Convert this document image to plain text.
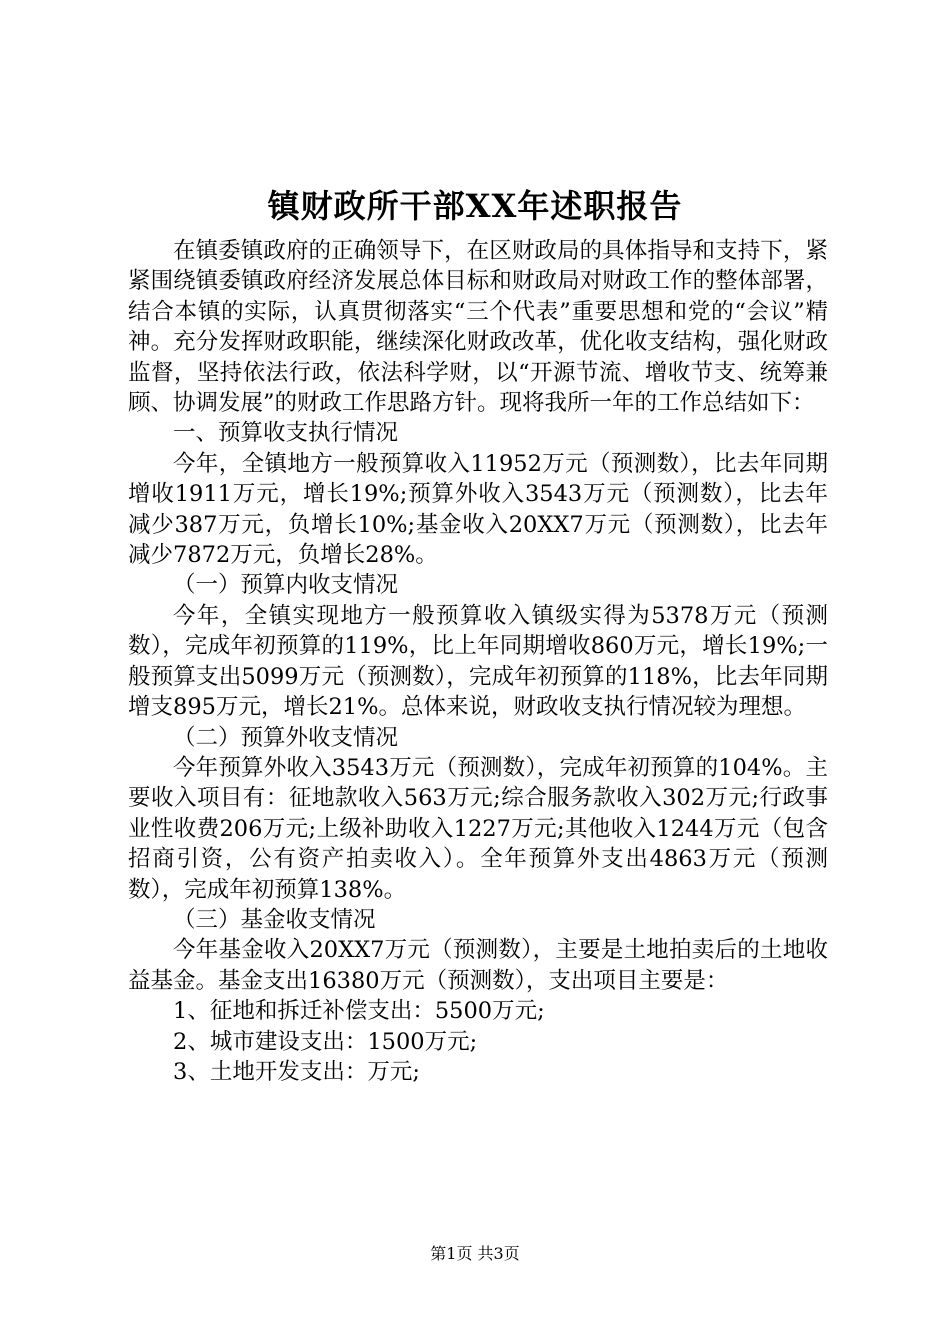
镇财政所干部XX年述职报告

在镇委镇政府的正确领导下，在区财政局的具体指导和支持下，紧紧围绕镇委镇政府经济发展总体目标和财政局对财政工作的整体部署，结合本镇的实际，认真贯彻落实“三个代表”重要思想和党的“会议”精神。充分发挥财政职能，继续深化财政改革，优化收支结构，强化财政监督，坚持依法行政，依法科学财，以“开源节流、增收节支、统筹兼顾、协调发展”的财政工作思路方针。现将我所一年的工作总结如下：

一、预算收支执行情况

今年，全镇地方一般预算收入11952万元（预测数），比去年同期增收1911万元，增长19%;预算外收入3543万元（预测数），比去年减少387万元，负增长10%;基金收入20XX7万元（预测数），比去年减少7872万元，负增长28%。

（一）预算内收支情况

今年，全镇实现地方一般预算收入镇级实得为5378万元（预测数），完成年初预算的119%，比上年同期增收860万元，增长19%;一般预算支出5099万元（预测数），完成年初预算的118%，比去年同期增支895万元，增长21%。总体来说，财政收支执行情况较为理想。

（二）预算外收支情况

今年预算外收入3543万元（预测数），完成年初预算的104%。主要收入项目有：征地款收入563万元;综合服务款收入302万元;行政事业性收费206万元;上级补助收入1227万元;其他收入1244万元（包含招商引资，公有资产拍卖收入）。全年预算外支出4863万元（预测数），完成年初预算138%。

（三）基金收支情况

今年基金收入20XX7万元（预测数），主要是土地拍卖后的土地收益基金。基金支出16380万元（预测数），支出项目主要是：

1、征地和拆迁补偿支出：5500万元;

2、城市建设支出：1500万元;

3、土地开发支出：万元;

第1页 共3页
